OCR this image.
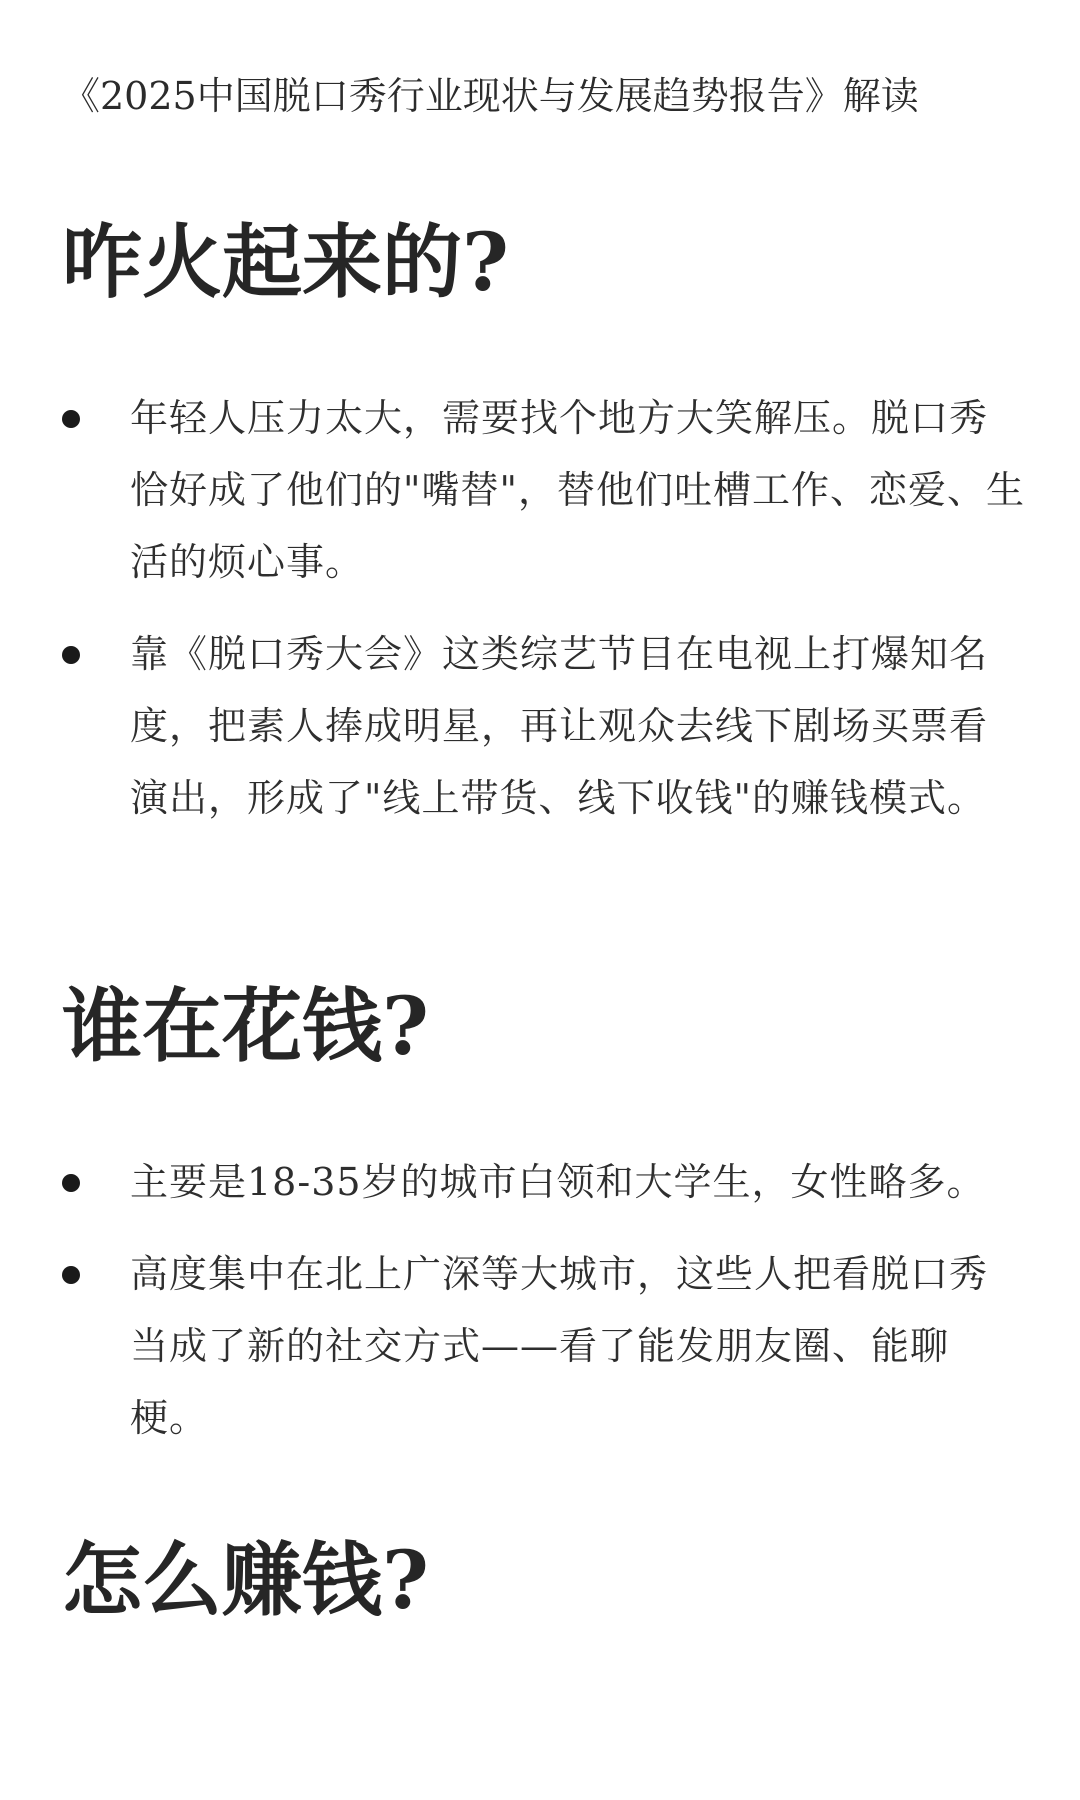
《2025中国脱口秀行业现状与发展趋势报告》解读
咋火起来的?
年轻人压力太大，需要找个地方大笑解压。脱口秀恰好成了他们的"嘴替"，替他们吐槽工作、恋爱、生活的烦心事。
靠《脱口秀大会》这类综艺节目在电视上打爆知名度，把素人捧成明星，再让观众去线下剧场买票看演出，形成了"线上带货、线下收钱"的赚钱模式。
谁在花钱?
主要是18-35岁的城市白领和大学生，女性略多。
高度集中在北上广深等大城市，这些人把看脱口秀当成了新的社交方式——看了能发朋友圈、能聊梗。
怎么赚钱?
